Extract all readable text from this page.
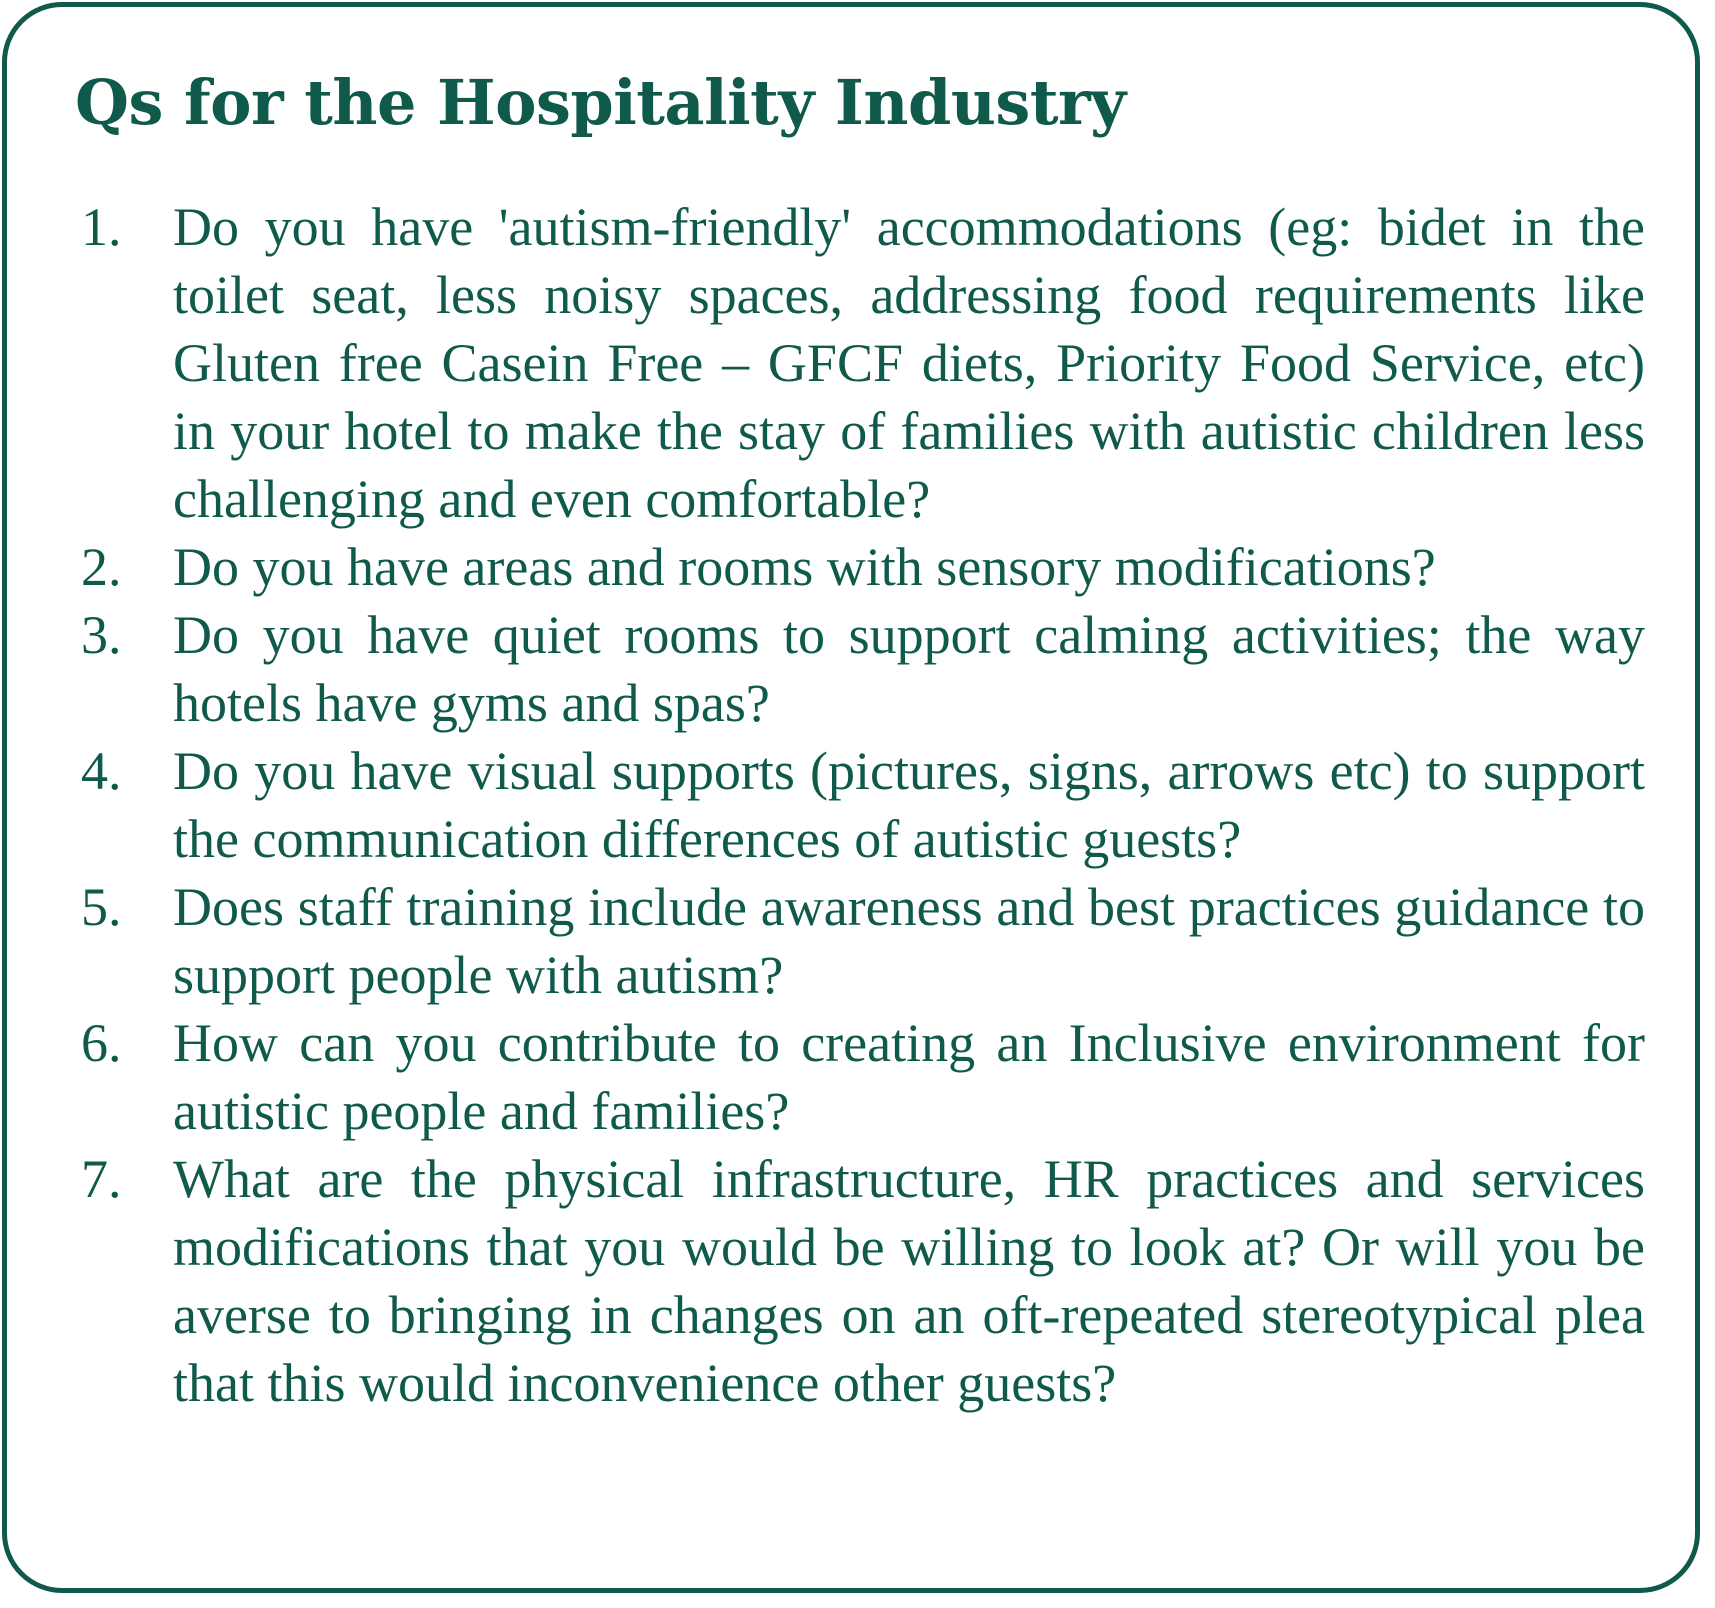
Qs for the Hospitality Industry
1. Do you have 'autism-friendly' accommodations (eg: bidet in the toilet seat, less noisy spaces, addressing food requirements like Gluten free Casein Free – GFCF diets, Priority Food Service, etc) in your hotel to make the stay of families with autistic children less challenging and even comfortable?
2. Do you have areas and rooms with sensory modifications?
3. Do you have quiet rooms to support calming activities; the way hotels have gyms and spas?
4. Do you have visual supports (pictures, signs, arrows etc) to support the communication differences of autistic guests?
5. Does staff training include awareness and best practices guidance to support people with autism?
6. How can you contribute to creating an Inclusive environment for autistic people and families?
7. What are the physical infrastructure, HR practices and services modifications that you would be willing to look at? Or will you be averse to bringing in changes on an oft-repeated stereotypical plea that this would inconvenience other guests?
